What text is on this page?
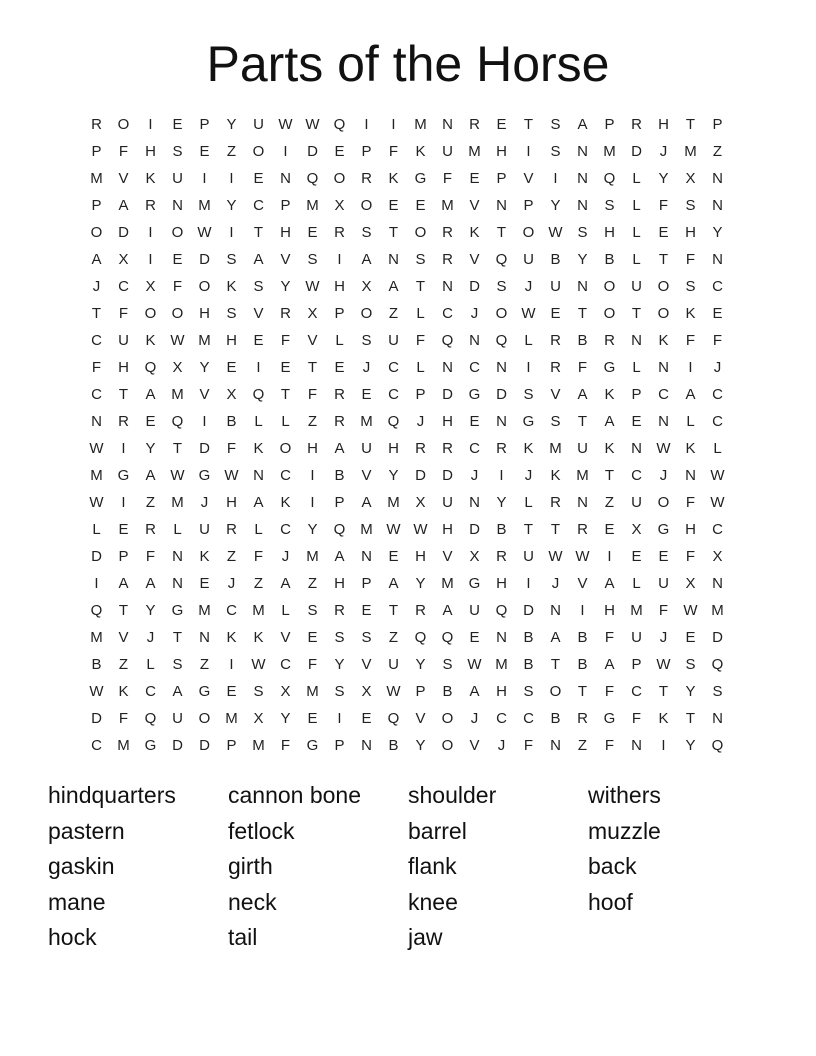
Parts of the Horse
R	O	I	E	P	Y	U W W Q	I	I	M	N	R	E	T	S	A	P	R	H	T	P
P	F	H	S	E	Z	O	I	D	E	P	F	K	U	M	H	I	S	N	M	D	J	M	Z
M	V	K	U	I	I	E	N	Q	O	R	K	G	F	E	P	V	I	N	Q	L	Y	X	N
P	A	R	N	M	Y	C	P	M	X	O	E	E	M	V	N	P	Y	N	S	L	F	S	N
O	D	I	O W	I	T	H	E	R	S	T	O	R	K	T	O W S	H	L	E	H	Y
A	X	I	E	D	S	A	V	S	I	A	N	S	R	V	Q	U	B	Y	B	L	T	F	N
J	C	X	F	O	K	S	Y W H	X	A	T	N	D	S	J	U	N	O	U	O	S	C
T	F	O	O	H	S	V	R	X	P	O	Z	L	C	J	O W E	T	O	T	O	K	E
C	U	K W M	H	E	F	V	L	S	U	F	Q	N	Q	L	R	B	R	N	K	F	F
F	H	Q	X	Y	E	I	E	T	E	J	C	L	N	C	N	I	R	F	G	L	N	I	J
C	T	A	M	V	X	Q	T	F	R	E	C	P	D	G	D	S	V	A	K	P	C	A	C
N	R	E	Q	I	B	L	L	Z	R	M Q	J	H	E	N	G	S	T	A	E	N	L	C
W	I	Y	T	D	F	K	O	H	A	U	H	R	R	C	R	K	M	U	K	N W K	L
M G	A W G W N	C	I	B	V	Y	D	D	J	I	J	K	M	T	C	J	N W
W	I	Z	M	J	H	A	K	I	P	A	M	X	U	N	Y	L	R	N	Z	U	O	F	W
L	E	R	L	U	R	L	C	Y	Q M W W H	D	B	T	T	R	E	X	G	H	C
D	P	F	N	K	Z	F	J	M	A	N	E	H	V	X	R	U W W	I	E	E	F	X
I	A	A	N	E	J	Z	A	Z	H	P	A	Y	M G	H	I	J	V	A	L	U	X	N
Q	T	Y	G M	C	M	L	S	R	E	T	R	A	U	Q	D	N	I	H	M	F	W M
M	V	J	T	N	K	K	V	E	S	S	Z	Q	Q	E	N	B	A	B	F	U	J	E	D
B	Z	L	S	Z	I	W C	F	Y	V	U	Y	S W M	B	T	B	A	P W S	Q
W K	C	A	G	E	S	X	M	S	X W P	B	A	H	S	O	T	F	C	T	Y	S
D	F	Q	U	O M	X	Y	E	I	E	Q	V	O	J	C	C	B	R	G	F	K	T	N
C	M G	D	D	P	M	F	G	P	N	B	Y	O	V	J	F	N	Z	F	N	I	Y	Q
hindquarters	cannon bone	shoulder	withers
pastern	fetlock	barrel	muzzle
gaskin	girth	flank	back
mane	neck	knee	hoof
hock	tail	jaw
